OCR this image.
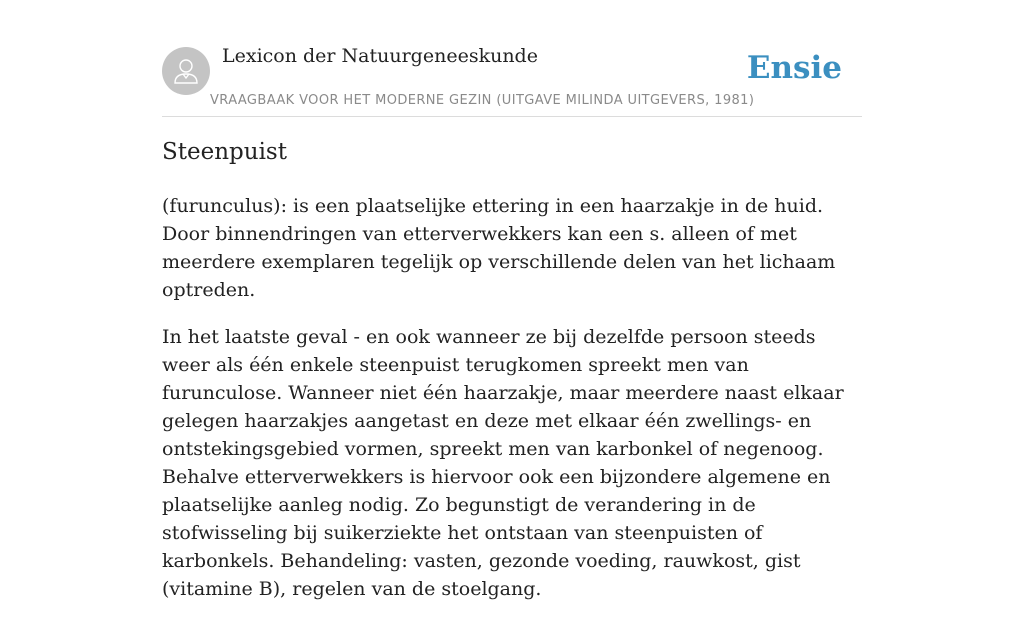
Lexicon der Natuurgeneeskunde
VRAAGBAAK VOOR HET MODERNE GEZIN (UITGAVE MILINDA UITGEVERS, 1981)
Ensie
Steenpuist

(furunculus): is een plaatselijke ettering in een haarzakje in de huid. Door binnendringen van etterverwekkers kan een s. alleen of met meerdere exemplaren tegelijk op verschillende delen van het lichaam optreden.

In het laatste geval - en ook wanneer ze bij dezelfde persoon steeds weer als één enkele steenpuist terugkomen spreekt men van furunculose. Wanneer niet één haarzakje, maar meerdere naast elkaar gelegen haarzakjes aangetast en deze met elkaar één zwellings- en ontstekingsgebied vormen, spreekt men van karbonkel of negenoog. Behalve etterverwekkers is hiervoor ook een bijzondere algemene en plaatselijke aanleg nodig. Zo begunstigt de verandering in de stofwisseling bij suikerziekte het ontstaan van steenpuisten of karbonkels. Behandeling: vasten, gezonde voeding, rauwkost, gist (vitamine B), regelen van de stoelgang.
